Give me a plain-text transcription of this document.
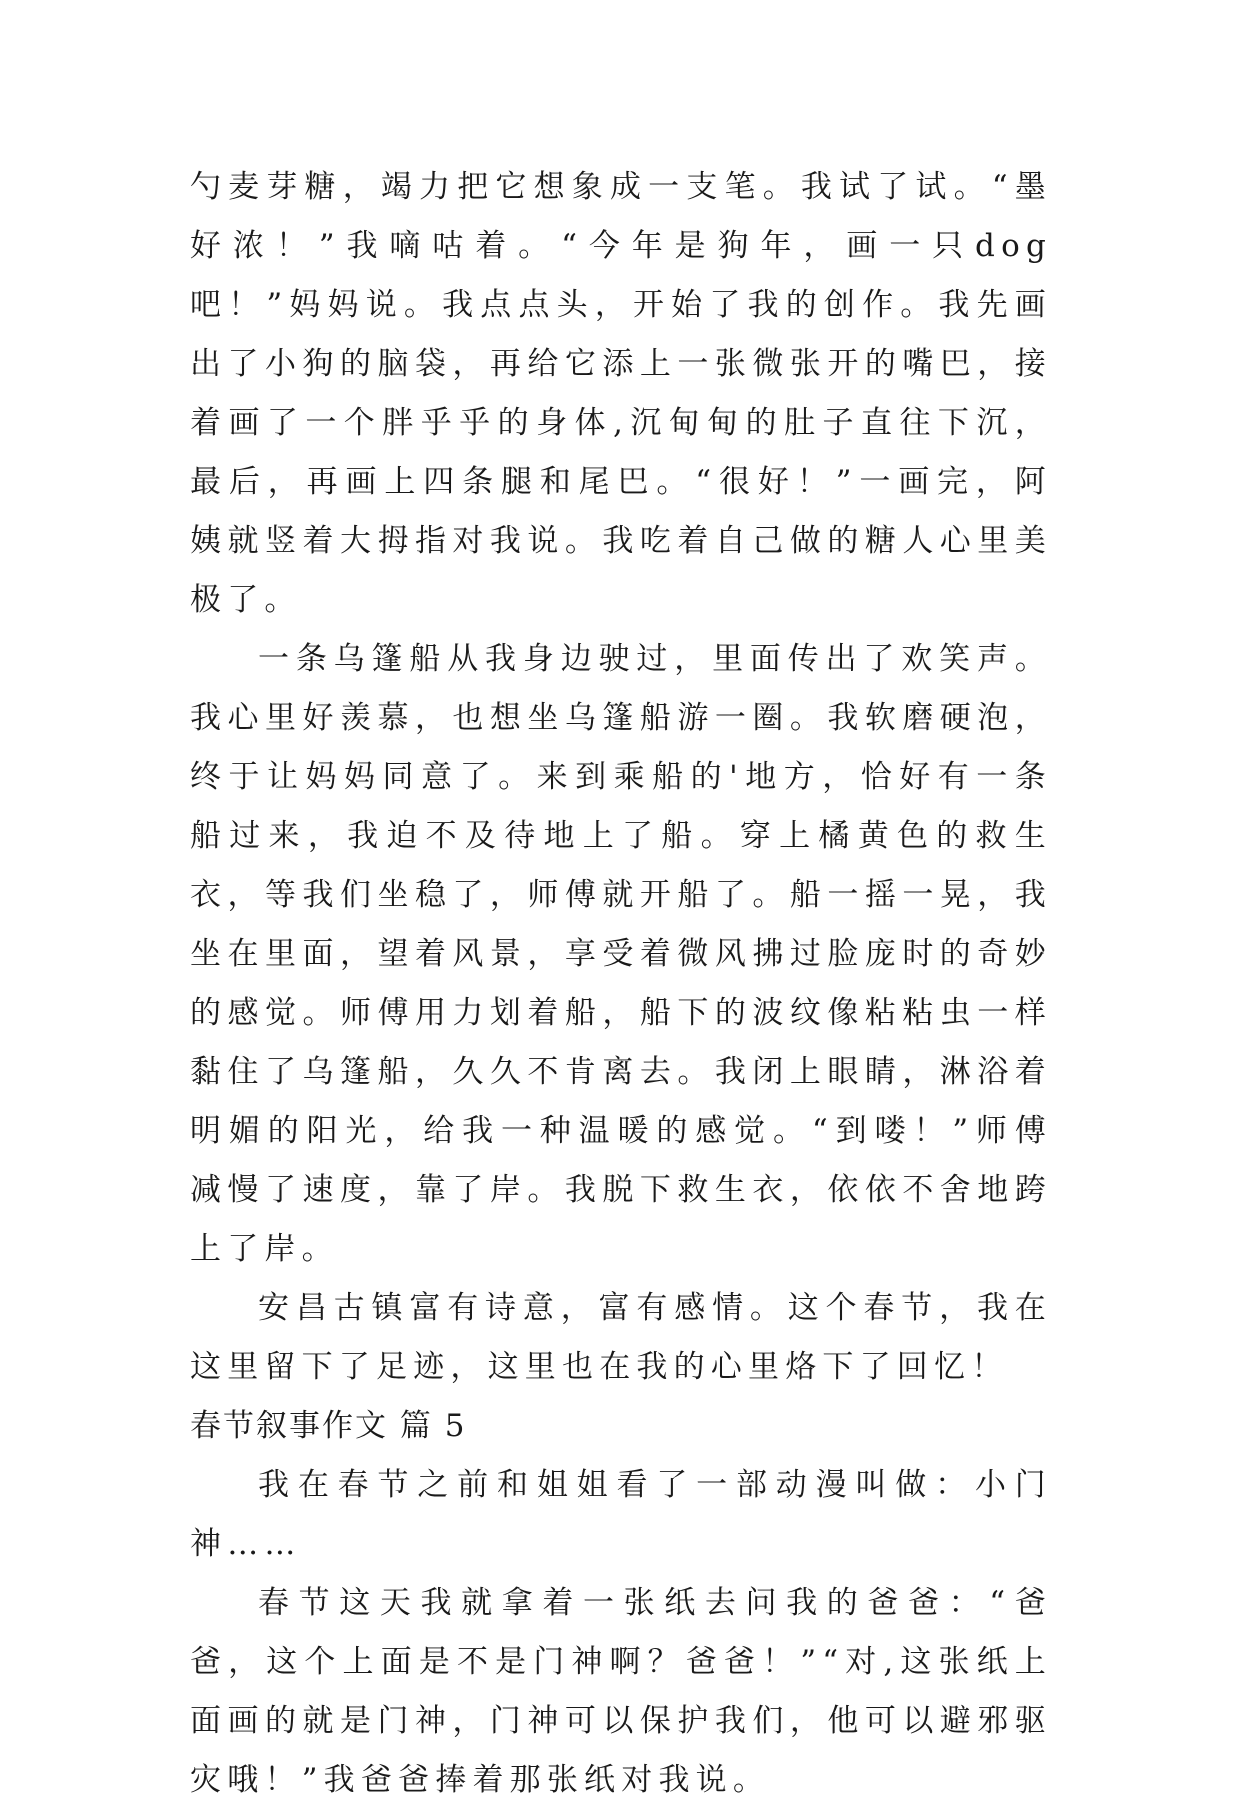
勺麦芽糖，竭力把它想象成一支笔。我试了试。“墨好浓！”我嘀咕着。“今年是狗年，画一只dog吧！”妈妈说。我点点头，开始了我的创作。我先画出了小狗的脑袋，再给它添上一张微张开的嘴巴，接着画了一个胖乎乎的身体,沉甸甸的肚子直往下沉，最后，再画上四条腿和尾巴。“很好！”一画完，阿姨就竖着大拇指对我说。我吃着自己做的糖人心里美极了。

一条乌篷船从我身边驶过，里面传出了欢笑声。我心里好羡慕，也想坐乌篷船游一圈。我软磨硬泡，终于让妈妈同意了。来到乘船的'地方，恰好有一条船过来，我迫不及待地上了船。穿上橘黄色的救生衣，等我们坐稳了，师傅就开船了。船一摇一晃，我坐在里面，望着风景，享受着微风拂过脸庞时的奇妙的感觉。师傅用力划着船，船下的波纹像粘粘虫一样黏住了乌篷船，久久不肯离去。我闭上眼睛，淋浴着明媚的阳光，给我一种温暖的感觉。“到喽！”师傅减慢了速度，靠了岸。我脱下救生衣，依依不舍地跨上了岸。

安昌古镇富有诗意，富有感情。这个春节，我在这里留下了足迹，这里也在我的心里烙下了回忆！

春节叙事作文 篇 5

我在春节之前和姐姐看了一部动漫叫做：小门神……

春节这天我就拿着一张纸去问我的爸爸：“爸爸，这个上面是不是门神啊？爸爸！”“对,这张纸上面画的就是门神，门神可以保护我们，他可以避邪驱灾哦！”我爸爸捧着那张纸对我说。
